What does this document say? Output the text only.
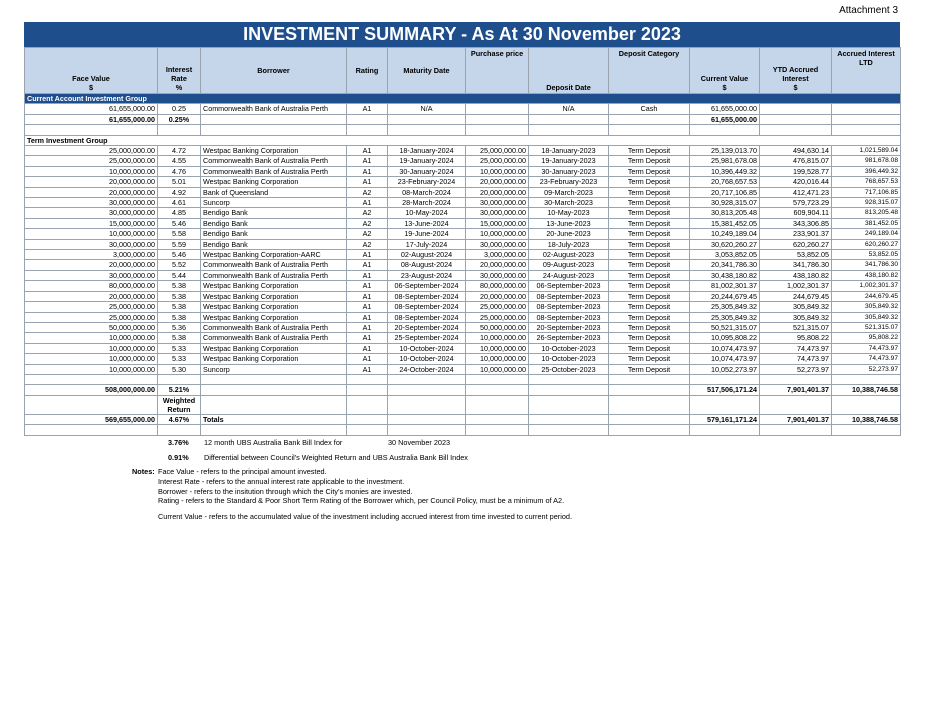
Attachment 3
INVESTMENT SUMMARY - As At 30 November 2023
Face Value
$	Interest
Rate
%	Borrower	Rating	Maturity Date	Purchase price	Deposit Date	Deposit Category	Current Value
$	YTD Accrued
Interest
$	Accrued Interest
LTD
Current Account Investment Group										
61,655,000.00	0.25	Commonwealth Bank of Australia Perth	A1	N/A		N/A	Cash	61,655,000.00		
61,655,000.00	0.25%							61,655,000.00		

Term Investment Group										
25,000,000.00	4.72	Westpac Banking Corporation	A1	18-January-2024	25,000,000.00	18-January-2023	Term Deposit	25,139,013.70	494,630.14	1,021,589.04
25,000,000.00	4.55	Commonwealth Bank of Australia Perth	A1	19-January-2024	25,000,000.00	19-January-2023	Term Deposit	25,981,678.08	476,815.07	981,678.08
10,000,000.00	4.76	Commonwealth Bank of Australia Perth	A1	30-January-2024	10,000,000.00	30-January-2023	Term Deposit	10,396,449.32	199,528.77	396,449.32
20,000,000.00	5.01	Westpac Banking Corporation	A1	23-February-2024	20,000,000.00	23-February-2023	Term Deposit	20,768,657.53	420,016.44	768,657.53
20,000,000.00	4.92	Bank of Queensland	A2	08-March-2024	20,000,000.00	09-March-2023	Term Deposit	20,717,106.85	412,471.23	717,106.85
30,000,000.00	4.61	Suncorp	A1	28-March-2024	30,000,000.00	30-March-2023	Term Deposit	30,928,315.07	579,723.29	928,315.07
30,000,000.00	4.85	Bendigo Bank	A2	10-May-2024	30,000,000.00	10-May-2023	Term Deposit	30,813,205.48	609,904.11	813,205.48
15,000,000.00	5.46	Bendigo Bank	A2	13-June-2024	15,000,000.00	13-June-2023	Term Deposit	15,381,452.05	343,306.85	381,452.05
10,000,000.00	5.58	Bendigo Bank	A2	19-June-2024	10,000,000.00	20-June-2023	Term Deposit	10,249,189.04	233,901.37	249,189.04
30,000,000.00	5.59	Bendigo Bank	A2	17-July-2024	30,000,000.00	18-July-2023	Term Deposit	30,620,260.27	620,260.27	620,260.27
3,000,000.00	5.46	Westpac Banking Corporation-AARC	A1	02-August-2024	3,000,000.00	02-August-2023	Term Deposit	3,053,852.05	53,852.05	53,852.05
20,000,000.00	5.52	Commonwealth Bank of Australia Perth	A1	08-August-2024	20,000,000.00	09-August-2023	Term Deposit	20,341,786.30	341,786.30	341,786.30
30,000,000.00	5.44	Commonwealth Bank of Australia Perth	A1	23-August-2024	30,000,000.00	24-August-2023	Term Deposit	30,438,180.82	438,180.82	438,180.82
80,000,000.00	5.38	Westpac Banking Corporation	A1	06-September-2024	80,000,000.00	06-September-2023	Term Deposit	81,002,301.37	1,002,301.37	1,002,301.37
20,000,000.00	5.38	Westpac Banking Corporation	A1	08-September-2024	20,000,000.00	08-September-2023	Term Deposit	20,244,679.45	244,679.45	244,679.45
25,000,000.00	5.38	Westpac Banking Corporation	A1	08-September-2024	25,000,000.00	08-September-2023	Term Deposit	25,305,849.32	305,849.32	305,849.32
25,000,000.00	5.38	Westpac Banking Corporation	A1	08-September-2024	25,000,000.00	08-September-2023	Term Deposit	25,305,849.32	305,849.32	305,849.32
50,000,000.00	5.36	Commonwealth Bank of Australia Perth	A1	20-September-2024	50,000,000.00	20-September-2023	Term Deposit	50,521,315.07	521,315.07	521,315.07
10,000,000.00	5.38	Commonwealth Bank of Australia Perth	A1	25-September-2024	10,000,000.00	26-September-2023	Term Deposit	10,095,808.22	95,808.22	95,808.22
10,000,000.00	5.33	Westpac Banking Corporation	A1	10-October-2024	10,000,000.00	10-October-2023	Term Deposit	10,074,473.97	74,473.97	74,473.97
10,000,000.00	5.33	Westpac Banking Corporation	A1	10-October-2024	10,000,000.00	10-October-2023	Term Deposit	10,074,473.97	74,473.97	74,473.97
10,000,000.00	5.30	Suncorp	A1	24-October-2024	10,000,000.00	25-October-2023	Term Deposit	10,052,273.97	52,273.97	52,273.97

508,000,000.00	5.21%							517,506,171.24	7,901,401.37	10,388,746.58
	Weighted Return									
569,655,000.00	4.67%	Totals						579,161,171.24	7,901,401.37	10,388,746.58

3.76% 12 month UBS Australia Bank Bill Index for	30 November 2023
0.91% Differential between Council's Weighted Return and UBS Australia Bank Bill Index
Notes: Face Value - refers to the principal amount invested.
Interest Rate - refers to the annual interest rate applicable to the investment.
Borrower - refers to the insitution through which the City's monies are invested.
Rating - refers to the Standard & Poor Short Term Rating of the Borrower which, per Council Policy, must be a minimum of A2.
Current Value - refers to the accumulated value of the investment including accrued interest from time invested to current period.
